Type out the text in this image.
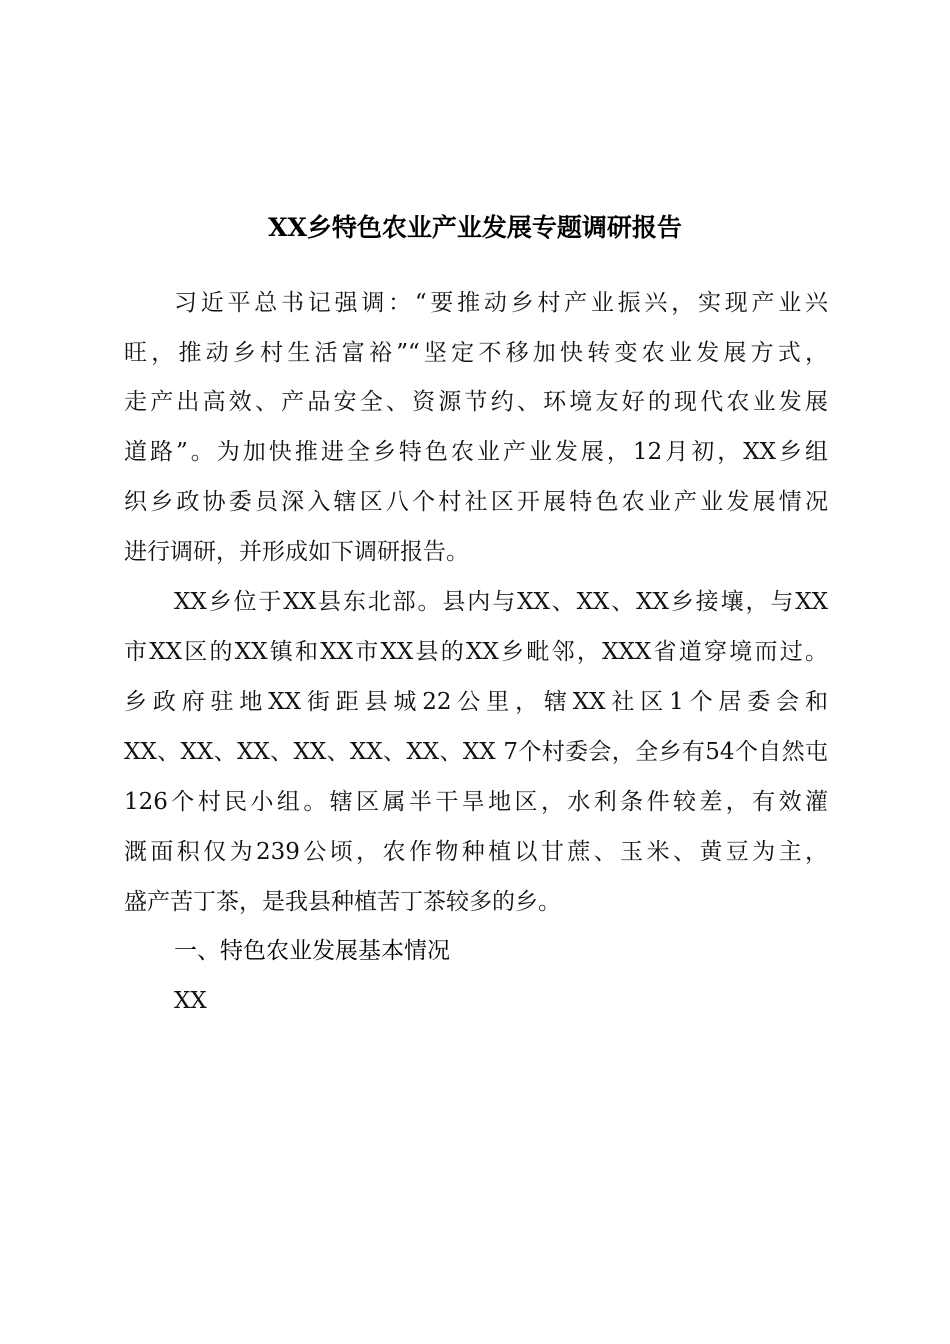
XX乡特色农业产业发展专题调研报告
习近平总书记强调：“要推动乡村产业振兴，实现产业兴
旺，推动乡村生活富裕”“坚定不移加快转变农业发展方式，
走产出高效、产品安全、资源节约、环境友好的现代农业发展
道路”。为加快推进全乡特色农业产业发展，12月初，XX乡组
织乡政协委员深入辖区八个村社区开展特色农业产业发展情况
进行调研，并形成如下调研报告。
XX乡位于XX县东北部。县内与XX、XX、XX乡接壤，与XX
市XX区的XX镇和XX市XX县的XX乡毗邻，XXX省道穿境而过。
乡政府驻地XX街距县城22公里，辖XX社区1个居委会和
XX、XX、XX、XX、XX、XX、XX 7个村委会，全乡有54个自然屯
126个村民小组。辖区属半干旱地区，水利条件较差，有效灌
溉面积仅为239公顷，农作物种植以甘蔗、玉米、黄豆为主，
盛产苦丁茶，是我县种植苦丁茶较多的乡。
一、特色农业发展基本情况
XX
